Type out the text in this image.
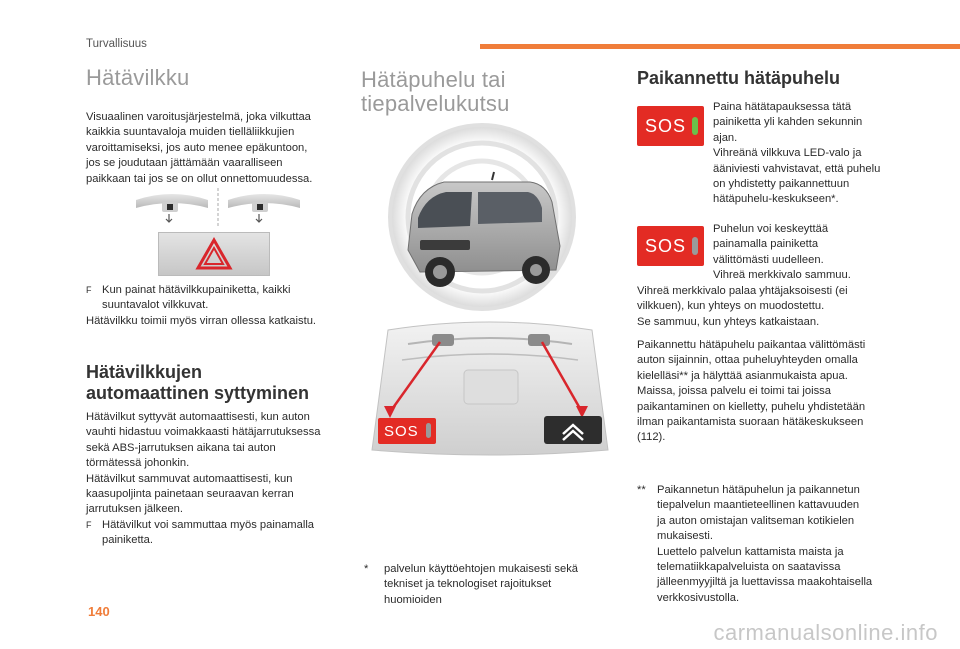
Turvallisuus
Hätävilkku
Visuaalinen varoitusjärjestelmä, joka vilkuttaa
kaikkia suuntavaloja muiden tielläliikkujien
varoittamiseksi, jos auto menee epäkuntoon,
jos se joudutaan jättämään vaaralliseen
paikkaan tai jos se on ollut onnettomuudessa.
F Kun painat hätävilkkupainiketta, kaikki
suuntavalot vilkkuvat.
Hätävilkku toimii myös virran ollessa katkaistu.
Hätävilkkujen
automaattinen syttyminen
Hätävilkut syttyvät automaattisesti, kun auton
vauhti hidastuu voimakkaasti hätäjarrutuksessa
sekä ABS-jarrutuksen aikana tai auton
törmätessä johonkin.
Hätävilkut sammuvat automaattisesti, kun
kaasupoljinta painetaan seuraavan kerran
jarrutuksen jälkeen.
F Hätävilkut voi sammuttaa myös painamalla
painiketta.
Hätäpuhelu tai
tiepalvelukutsu
SOS
*	palvelun käyttöehtojen mukaisesti sekä
tekniset ja teknologiset rajoitukset
huomioiden
Paikannettu hätäpuhelu
SOS
Paina hätätapauksessa tätä
painiketta yli kahden sekunnin
ajan.
Vihreänä vilkkuva LED-valo ja
ääniviesti vahvistavat, että puhelu
on yhdistetty paikannettuun
hätäpuhelu-keskukseen*.
SOS
Puhelun voi keskeyttää
painamalla painiketta
välittömästi uudelleen.
Vihreä merkkivalo sammuu.
Vihreä merkkivalo palaa yhtäjaksoisesti (ei
vilkkuen), kun yhteys on muodostettu.
Se sammuu, kun yhteys katkaistaan.
Paikannettu hätäpuhelu paikantaa välittömästi
auton sijainnin, ottaa puheluyhteyden omalla
kielelläsi** ja hälyttää asianmukaista apua.
Maissa, joissa palvelu ei toimi tai joissa
paikantaminen on kielletty, puhelu yhdistetään
ilman paikantamista suoraan hätäkeskukseen
(112).
**	Paikannetun hätäpuhelun ja paikannetun
tiepalvelun maantieteellinen kattavuuden
ja auton omistajan valitseman kotikielen
mukaisesti.
Luettelo palvelun kattamista maista ja
telematiikkapalveluista on saatavissa
jälleenmyyjiltä ja luettavissa maakohtaisella
verkkosivustolla.
140
carmanualsonline.info
